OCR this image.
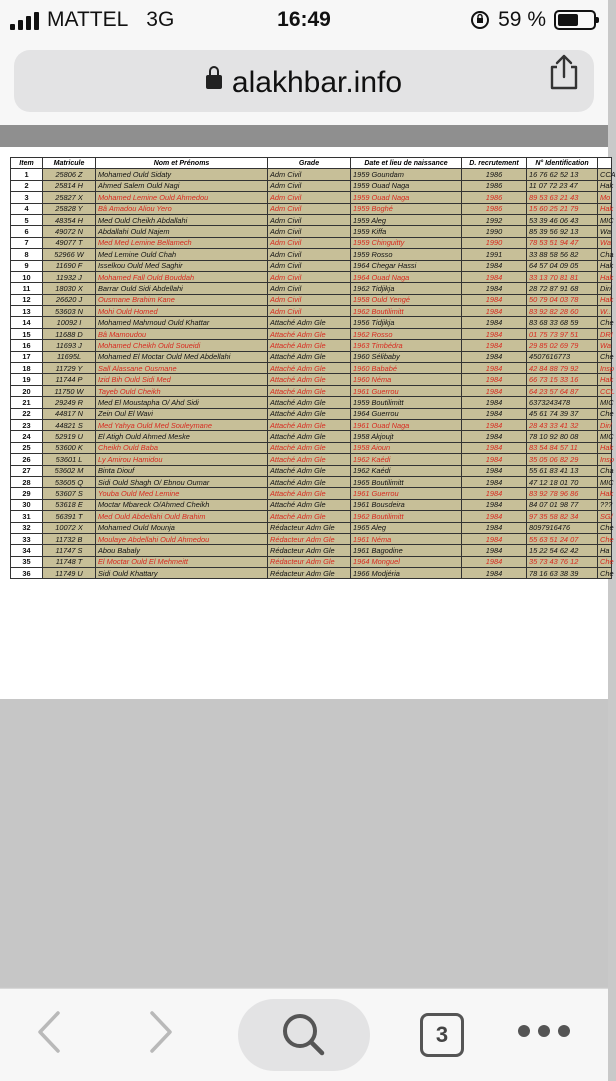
MATTEL 3G	16:49	59 %
alakhbar.info
Item	Matricule	Nom et Prénoms	Grade	Date et lieu de naissance	D. recrutement	N° Identification	
1	25806 Z	Mohamed Ould Sidaty	Adm Civil	1959 Goundam	1986	16 76 62 52 13	CCA
2	25814 H	Ahmed Salem Ould Nagi	Adm Civil	1959 Ouad Naga	1986	11 07 72 23 47	Hak
3	25827 X	Mohamed Lemine Ould Ahmedou	Adm Civil	1959 Ouad Naga	1986	89 53 63 21 43	Mo
4	25828 Y	Bâ Amadou Aliou Yero	Adm Civil	1959 Boghé	1986	15 60 25 21 79	Hak
5	48354 H	Med Ould Cheikh Abdallahi	Adm Civil	1959 Aleg	1992	53 39 46 06 43	MIC
6	49072 N	Abdallahi Ould Najem	Adm Civil	1959 Kiffa	1990	85 39 56 92 13	Wa
7	49077 T	Med Med Lemine Bellamech	Adm Civil	1959 Chinguitty	1990	78 53 51 94 47	Wa
8	52966 W	Med Lemine Ould Chah	Adm Civil	1959 Rosso	1991	33 88 58 56 82	Cha
9	11690 F	Isselkou Ould Med Saghir	Adm Civil	1964 Chegar Hassi	1984	64 57 04 09 05	Hak
10	11932 J	Mohamed Fall Ould Bouddah	Adm Civil	1964 Ouad Naga	1984	33 13 70 81 81	Hak
11	18030 X	Barrar Ould Sidi Abdellahi	Adm Civil	1962 Tidjikja	1984	28 72 87 91 68	Dir/
12	26620 J	Ousmane Brahim Kane	Adm Civil	1958 Ould Yengé	1984	50 79 04 03 78	Hak
13	53603 N	Mohi Ould Homed	Adm Civil	1962 Boutilimitt	1984	83 92 82 28 60	W..
14	10092 I	Mohamed Mahmoud Ould Khattar	Attaché Adm Gle	1956 Tidjikja	1984	83 68 33 68 59	Che
15	11688 D	Bâ Mamoudou	Attaché Adm Gle	1962 Rosso	1984	01 75 73 97 51	DRI
16	11693 J	Mohamed Cheikh Ould Soueidi	Attaché Adm Gle	1963 Timbédra	1984	29 85 02 69 79	Wa
17	11695L	Mohamed El Moctar Ould Med Abdellahi	Attaché Adm Gle	1960 Sélibaby	1984	4507616773	Che
18	11729 Y	Sall Alassane Ousmane	Attaché Adm Gle	1960 Bababé	1984	42 84 88 79 92	Insp
19	11744 P	Izid Bih Ould Sidi Med	Attaché Adm Gle	1960 Néma	1984	66 73 15 33 16	Hak
20	11750 W	Tayeb Ould Cheikh	Attaché Adm Gle	1961 Guerrou	1984	64 23 57 64 87	CCL
21	29249 R	Med El Moustapha O/ Ahd Sidi	Attaché Adm Gle	1959 Boutilimitt	1984	6373243478	MIC
22	44817 N	Zein Oul El Wavi	Attaché Adm Gle	1964 Guerrou	1984	45 61 74 39 37	Che
23	44821 S	Med Yahya Ould Med Souleymane	Attaché Adm Gle	1961 Ouad Naga	1984	28 43 33 41 32	Dir/
24	52919 U	El Atigh Ould Ahmed Meske	Attaché Adm Gle	1958 Akjoujt	1984	78 10 92 80 08	MIC
25	53600 K	Cheikh Ould Baba	Attaché Adm Gle	1958 Aioun	1984	83 54 84 57 11	Hak
26	53601 L	Ly Amirou Hamidou	Attaché Adm Gle	1962 Kaédi	1984	35 05 06 82 29	Insp
27	53602 M	Binta Diouf	Attaché Adm Gle	1962 Kaédi	1984	55 61 83 41 13	Cha
28	53605 Q	Sidi Ould Shagh O/ Ebnou Oumar	Attaché Adm Gle	1965 Boutilimitt	1984	47 12 18 01 70	MIC
29	53607 S	Youba Ould Med Lemine	Attaché Adm Gle	1961 Guerrou	1984	83 92 78 96 86	Hak
30	53618 E	Moctar Mbareck O/Ahmed Cheikh	Attaché Adm Gle	1961 Bousdeira	1984	84 07 01 98 77	???
31	56391 T	Med Ould Abdellahi Ould Brahim	Attaché Adm Gle	1962 Boutilimitt	1984	97 35 58 82 34	SG/
32	10072 X	Mohamed Ould Mounja	Rédacteur Adm Gle	1965 Aleg	1984	8097916476	Che
33	11732 B	Moulaye Abdellahi Ould Ahmedou	Rédacteur Adm Gle	1961 Néma	1984	55 63 51 24 07	Che
34	11747 S	Abou Babaly	Rédacteur Adm Gle	1961 Bagodine	1984	15 22 54 62 42	Ha
35	11748 T	El Moctar Ould El Mehmeitt	Rédacteur Adm Gle	1964 Monguel	1984	35 73 43 76 12	Che
36	11749 U	Sidi Ould Khattary	Rédacteur Adm Gle	1966 Modjéria	1984	78 16 63 38 39	Che
3
